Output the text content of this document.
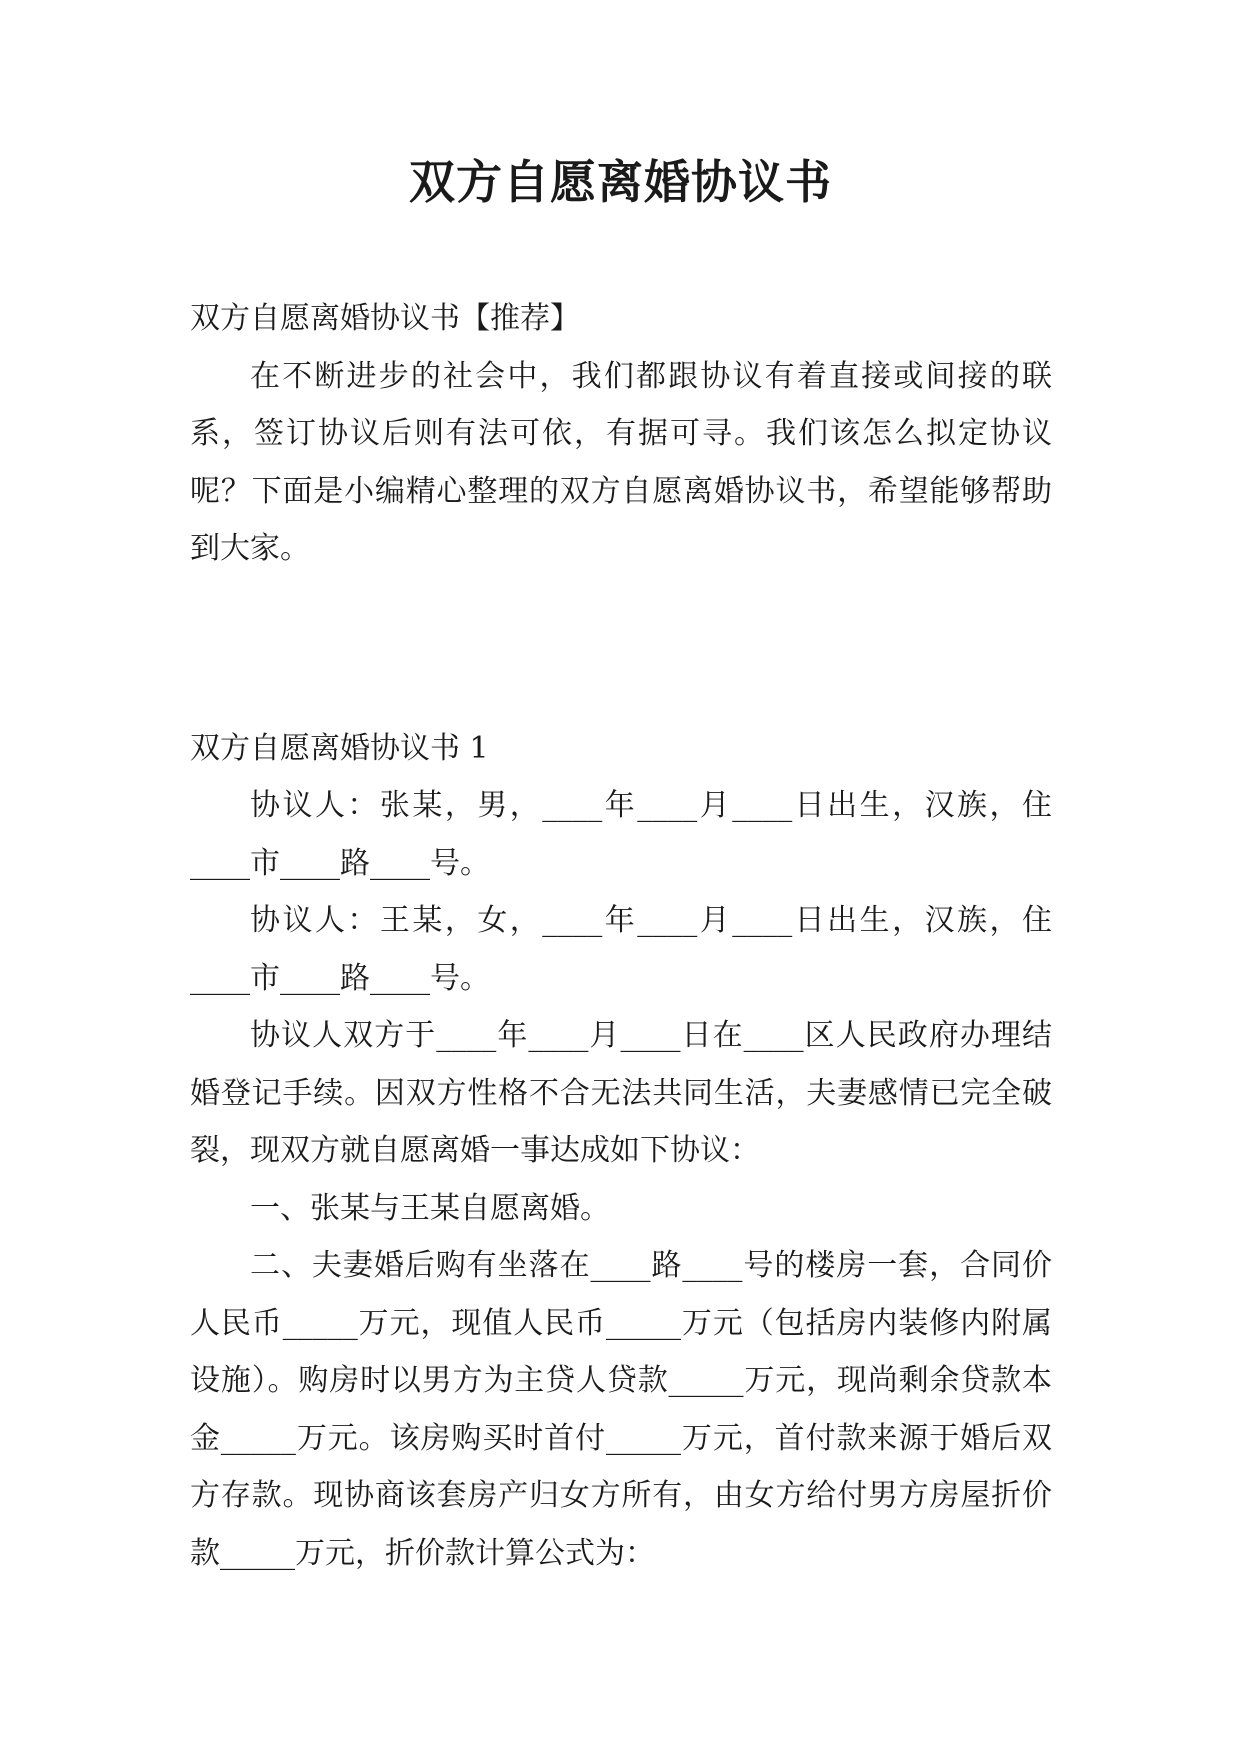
双方自愿离婚协议书

双方自愿离婚协议书【推荐】

在不断进步的社会中，我们都跟协议有着直接或间接的联系，签订协议后则有法可依，有据可寻。我们该怎么拟定协议呢？下面是小编精心整理的双方自愿离婚协议书，希望能够帮助到大家。

双方自愿离婚协议书 1

协议人：张某，男，____年____月____日出生，汉族，住____市____路____号。

协议人：王某，女，____年____月____日出生，汉族，住____市____路____号。

协议人双方于____年____月____日在____区人民政府办理结婚登记手续。因双方性格不合无法共同生活，夫妻感情已完全破裂，现双方就自愿离婚一事达成如下协议：

一、张某与王某自愿离婚。

二、夫妻婚后购有坐落在____路____号的楼房一套，合同价人民币_____万元，现值人民币_____万元（包括房内装修内附属设施）。购房时以男方为主贷人贷款_____万元，现尚剩余贷款本金_____万元。该房购买时首付_____万元，首付款来源于婚后双方存款。现协商该套房产归女方所有，由女方给付男方房屋折价款_____万元，折价款计算公式为：
